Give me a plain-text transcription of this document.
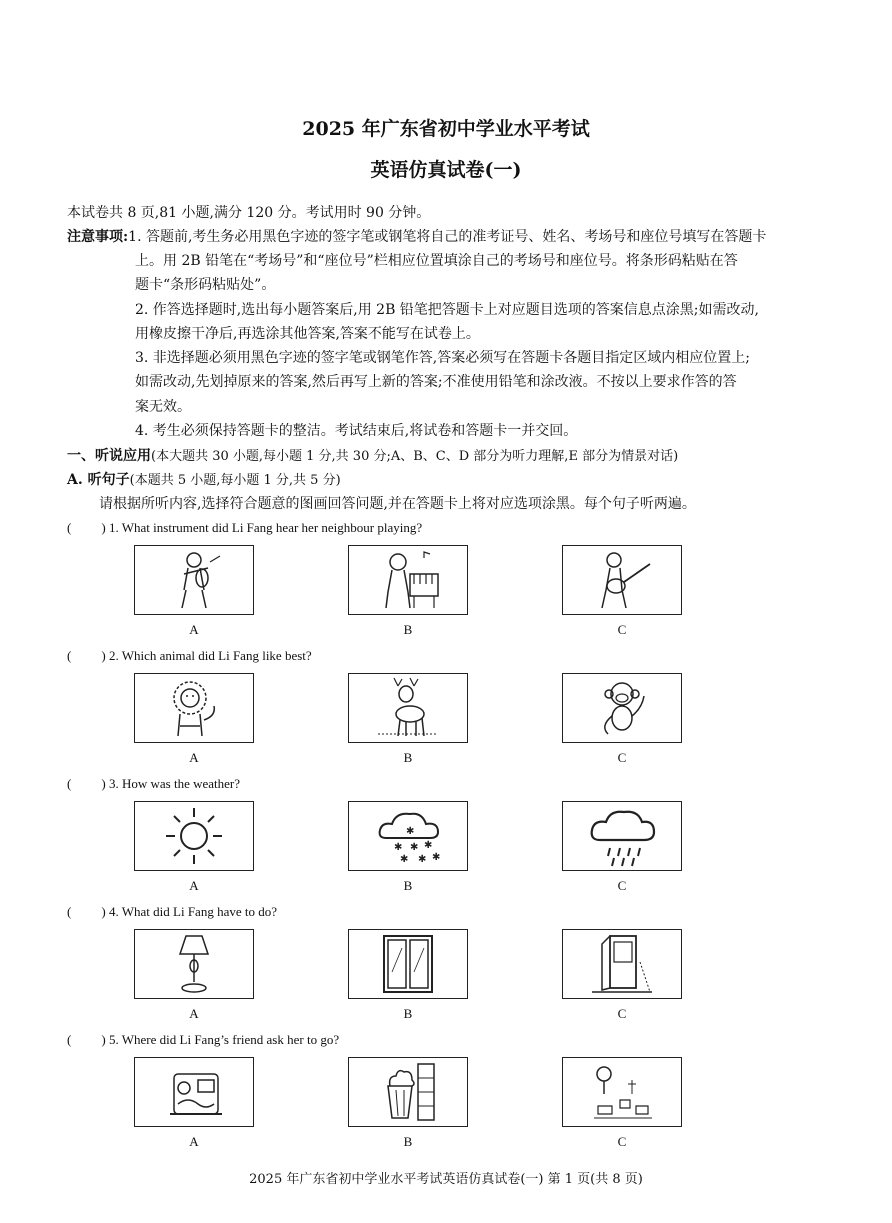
2025 年广东省初中学业水平考试
英语仿真试卷(一)
本试卷共 8 页,81 小题,满分 120 分。考试用时 90 分钟。
注意事项:1. 答题前,考生务必用黑色字迹的签字笔或钢笔将自己的准考证号、姓名、考场号和座位号填写在答题卡
上。用 2B 铅笔在“考场号”和“座位号”栏相应位置填涂自己的考场号和座位号。将条形码粘贴在答
题卡“条形码粘贴处”。
2. 作答选择题时,选出每小题答案后,用 2B 铅笔把答题卡上对应题目选项的答案信息点涂黑;如需改动,
用橡皮擦干净后,再选涂其他答案,答案不能写在试卷上。
3. 非选择题必须用黑色字迹的签字笔或钢笔作答,答案必须写在答题卡各题目指定区域内相应位置上;
如需改动,先划掉原来的答案,然后再写上新的答案;不准使用铅笔和涂改液。不按以上要求作答的答
案无效。
4. 考生必须保持答题卡的整洁。考试结束后,将试卷和答题卡一并交回。
一、听说应用(本大题共 30 小题,每小题 1 分,共 30 分;A、B、C、D 部分为听力理解,E 部分为情景对话)
A. 听句子(本题共 5 小题,每小题 1 分,共 5 分)
请根据所听内容,选择符合题意的图画回答问题,并在答题卡上将对应选项涂黑。每个句子听两遍。
( ) 1. What instrument did Li Fang hear her neighbour playing?
A	B	C
( ) 2. Which animal did Li Fang like best?
A	B	C
( ) 3. How was the weather?
✱
✱ ✱ ✱
✱ ✱ ✱
A	B	C
( ) 4. What did Li Fang have to do?
A	B	C
( ) 5. Where did Li Fang’s friend ask her to go?
A	B	C
2025 年广东省初中学业水平考试英语仿真试卷(一) 第 1 页(共 8 页)
